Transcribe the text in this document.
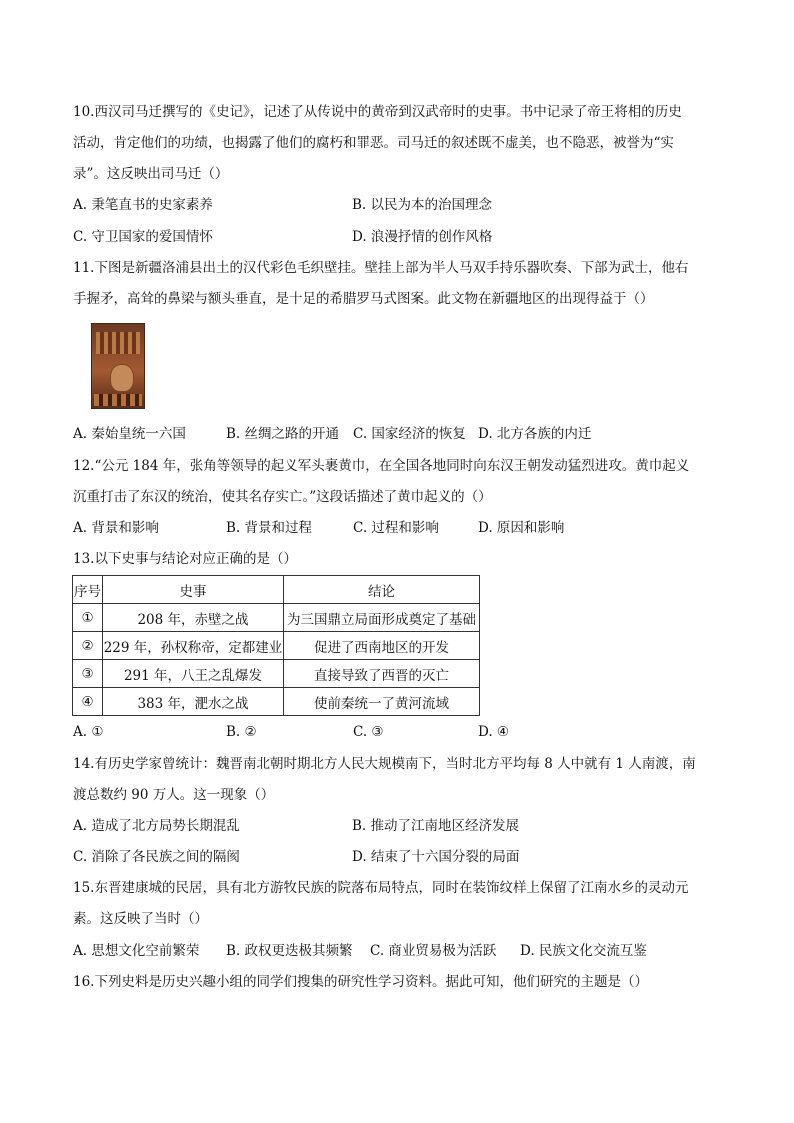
10.西汉司马迁撰写的《史记》，记述了从传说中的黄帝到汉武帝时的史事。书中记录了帝王将相的历史
活动，肯定他们的功绩，也揭露了他们的腐朽和罪恶。司马迁的叙述既不虚美，也不隐恶，被誉为“实
录”。这反映出司马迁（）
A. 秉笔直书的史家素养	B. 以民为本的治国理念
C. 守卫国家的爱国情怀	D. 浪漫抒情的创作风格
11.下图是新疆洛浦县出土的汉代彩色毛织壁挂。壁挂上部为半人马双手持乐器吹奏、下部为武士，他右
手握矛，高耸的鼻梁与额头垂直，是十足的希腊罗马式图案。此文物在新疆地区的出现得益于（）
A. 秦始皇统一六国	B. 丝绸之路的开通 C. 国家经济的恢复 D. 北方各族的内迁
12.“公元 184 年，张角等领导的起义军头裹黄巾，在全国各地同时向东汉王朝发动猛烈进攻。黄巾起义
沉重打击了东汉的统治，使其名存实亡。”这段话描述了黄巾起义的（）
A. 背景和影响	B. 背景和过程	C. 过程和影响	D. 原因和影响
13.以下史事与结论对应正确的是（）
序号	史事	结论
①	208 年，赤壁之战	为三国鼎立局面形成奠定了基础
②	229 年，孙权称帝，定都建业	促进了西南地区的开发
③	291 年，八王之乱爆发	直接导致了西晋的灭亡
④	383 年，淝水之战	使前秦统一了黄河流域
A. ①	B. ②	C. ③	D. ④
14.有历史学家曾统计：魏晋南北朝时期北方人民大规模南下，当时北方平均每 8 人中就有 1 人南渡，南
渡总数约 90 万人。这一现象（）
A. 造成了北方局势长期混乱	B. 推动了江南地区经济发展
C. 消除了各民族之间的隔阂	D. 结束了十六国分裂的局面
15.东晋建康城的民居，具有北方游牧民族的院落布局特点，同时在装饰纹样上保留了江南水乡的灵动元
素。这反映了当时（）
A. 思想文化空前繁荣 B. 政权更迭极其频繁 C. 商业贸易极为活跃 D. 民族文化交流互鉴
16.下列史料是历史兴趣小组的同学们搜集的研究性学习资料。据此可知，他们研究的主题是（）
